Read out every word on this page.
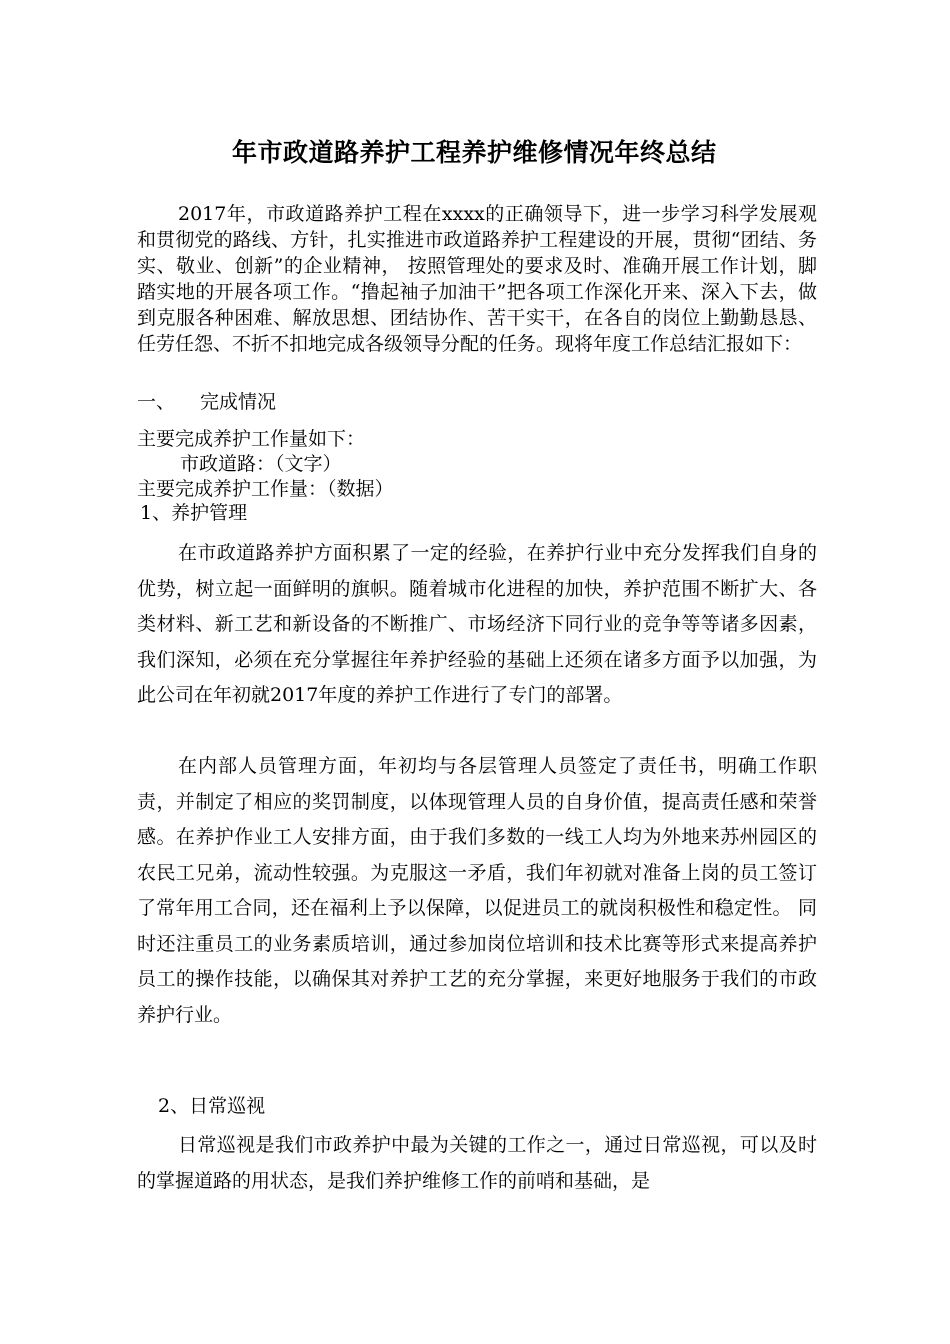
年市政道路养护工程养护维修情况年终总结

2017年，市政道路养护工程在xxxx的正确领导下，进一步学习科学发展观和贯彻党的路线、方针，扎实推进市政道路养护工程建设的开展，贯彻“团结、务实、敬业、创新”的企业精神， 按照管理处的要求及时、准确开展工作计划，脚踏实地的开展各项工作。“撸起袖子加油干”把各项工作深化开来、深入下去，做到克服各种困难、解放思想、团结协作、苦干实干，在各自的岗位上勤勤恳恳、任劳任怨、不折不扣地完成各级领导分配的任务。现将年度工作总结汇报如下：

一、 完成情况
主要完成养护工作量如下：
市政道路：（文字）
主要完成养护工作量：（数据）
1、养护管理

在市政道路养护方面积累了一定的经验，在养护行业中充分发挥我们自身的优势，树立起一面鲜明的旗帜。随着城市化进程的加快，养护范围不断扩大、各类材料、新工艺和新设备的不断推广、市场经济下同行业的竞争等等诸多因素，我们深知，必须在充分掌握往年养护经验的基础上还须在诸多方面予以加强，为此公司在年初就2017年度的养护工作进行了专门的部署。

在内部人员管理方面，年初均与各层管理人员签定了责任书，明确工作职责，并制定了相应的奖罚制度，以体现管理人员的自身价值，提高责任感和荣誉感。在养护作业工人安排方面，由于我们多数的一线工人均为外地来苏州园区的农民工兄弟，流动性较强。为克服这一矛盾，我们年初就对准备上岗的员工签订了常年用工合同，还在福利上予以保障，以促进员工的就岗积极性和稳定性。 同时还注重员工的业务素质培训，通过参加岗位培训和技术比赛等形式来提高养护员工的操作技能，以确保其对养护工艺的充分掌握，来更好地服务于我们的市政养护行业。

2、日常巡视

日常巡视是我们市政养护中最为关键的工作之一，通过日常巡视，可以及时的掌握道路的用状态，是我们养护维修工作的前哨和基础，是
